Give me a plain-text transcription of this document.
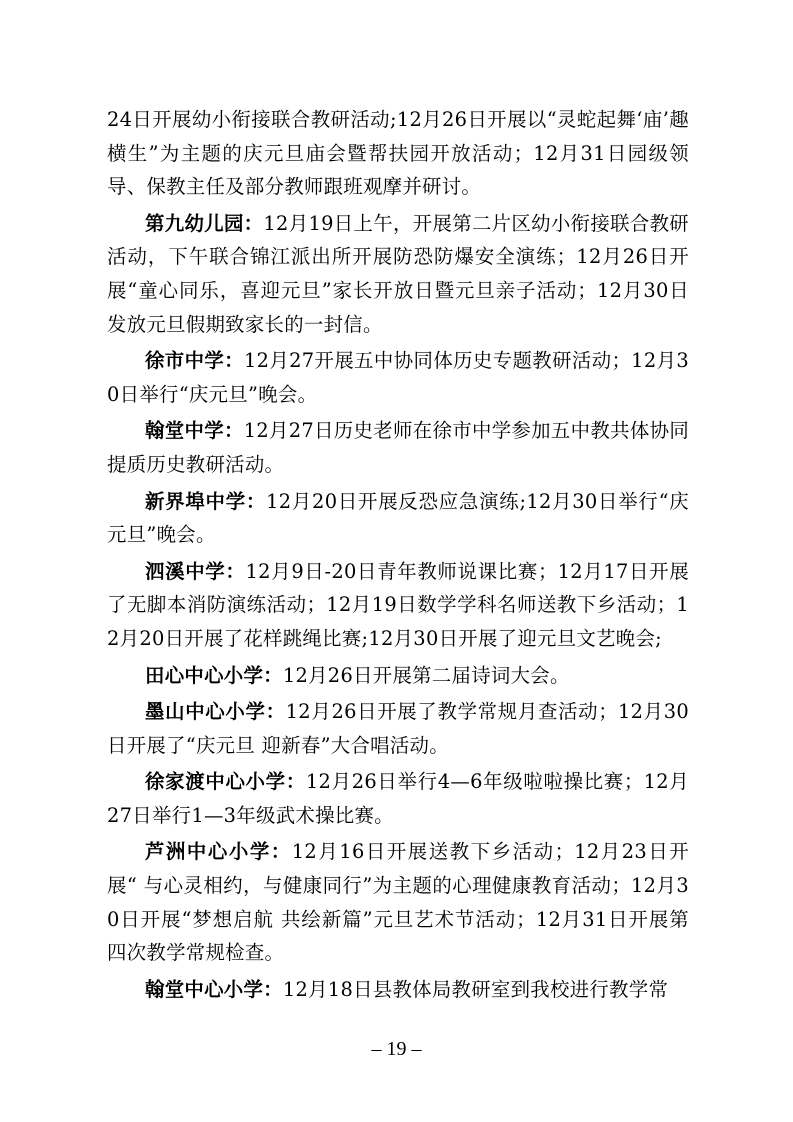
24日开展幼小衔接联合教研活动;12月26日开展以“灵蛇起舞‘庙’趣横生”为主题的庆元旦庙会暨帮扶园开放活动；12月31日园级领导、保教主任及部分教师跟班观摩并研讨。

第九幼儿园：12月19日上午，开展第二片区幼小衔接联合教研活动，下午联合锦江派出所开展防恐防爆安全演练；12月26日开展“童心同乐，喜迎元旦”家长开放日暨元旦亲子活动；12月30日发放元旦假期致家长的一封信。

徐市中学：12月27开展五中协同体历史专题教研活动；12月30日举行“庆元旦”晚会。

翰堂中学：12月27日历史老师在徐市中学参加五中教共体协同提质历史教研活动。

新界埠中学：12月20日开展反恐应急演练;12月30日举行“庆元旦”晚会。

泗溪中学：12月9日-20日青年教师说课比赛；12月17日开展了无脚本消防演练活动；12月19日数学学科名师送教下乡活动；12月20日开展了花样跳绳比赛;12月30日开展了迎元旦文艺晚会;

田心中心小学：12月26日开展第二届诗词大会。

墨山中心小学：12月26日开展了教学常规月查活动；12月30日开展了“庆元旦 迎新春”大合唱活动。

徐家渡中心小学：12月26日举行4—6年级啦啦操比赛；12月27日举行1—3年级武术操比赛。

芦洲中心小学：12月16日开展送教下乡活动；12月23日开展“ 与心灵相约，与健康同行”为主题的心理健康教育活动；12月30日开展“梦想启航 共绘新篇”元旦艺术节活动；12月31日开展第四次教学常规检查。

翰堂中心小学：12月18日县教体局教研室到我校进行教学常

– 19 –
